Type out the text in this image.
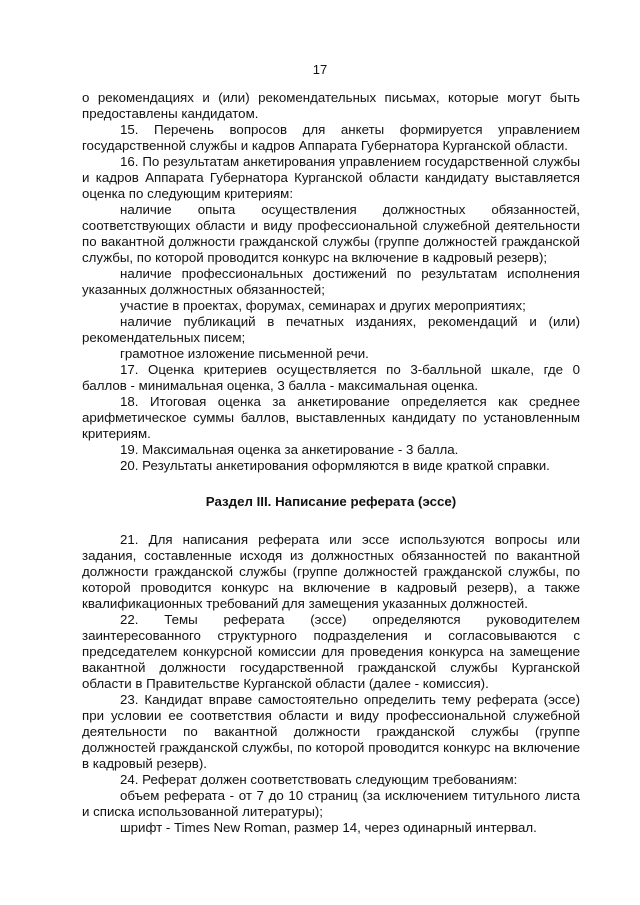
17

о рекомендациях и (или) рекомендательных письмах, которые могут быть предоставлены кандидатом.

15. Перечень вопросов для анкеты формируется управлением государственной службы и кадров Аппарата Губернатора Курганской области.

16. По результатам анкетирования управлением государственной службы и кадров Аппарата Губернатора Курганской области кандидату выставляется оценка по следующим критериям:

наличие опыта осуществления должностных обязанностей, соответствующих области и виду профессиональной служебной деятельности по вакантной должности гражданской службы (группе должностей гражданской службы, по которой проводится конкурс на включение в кадровый резерв);

наличие профессиональных достижений по результатам исполнения указанных должностных обязанностей;

участие в проектах, форумах, семинарах и других мероприятиях;

наличие публикаций в печатных изданиях, рекомендаций и (или) рекомендательных писем;

грамотное изложение письменной речи.

17. Оценка критериев осуществляется по 3-балльной шкале, где 0 баллов - минимальная оценка, 3 балла - максимальная оценка.

18. Итоговая оценка за анкетирование определяется как среднее арифметическое суммы баллов, выставленных кандидату по установленным критериям.

19. Максимальная оценка за анкетирование - 3 балла.

20. Результаты анкетирования оформляются в виде краткой справки.

Раздел III. Написание реферата (эссе)

21. Для написания реферата или эссе используются вопросы или задания, составленные исходя из должностных обязанностей по вакантной должности гражданской службы (группе должностей гражданской службы, по которой проводится конкурс на включение в кадровый резерв), а также квалификационных требований для замещения указанных должностей.

22. Темы реферата (эссе) определяются руководителем заинтересованного структурного подразделения и согласовываются с председателем конкурсной комиссии для проведения конкурса на замещение вакантной должности государственной гражданской службы Курганской области в Правительстве Курганской области (далее - комиссия).

23. Кандидат вправе самостоятельно определить тему реферата (эссе) при условии ее соответствия области и виду профессиональной служебной деятельности по вакантной должности гражданской службы (группе должностей гражданской службы, по которой проводится конкурс на включение в кадровый резерв).

24. Реферат должен соответствовать следующим требованиям:

объем реферата - от 7 до 10 страниц (за исключением титульного листа и списка использованной литературы);

шрифт - Times New Roman, размер 14, через одинарный интервал.
